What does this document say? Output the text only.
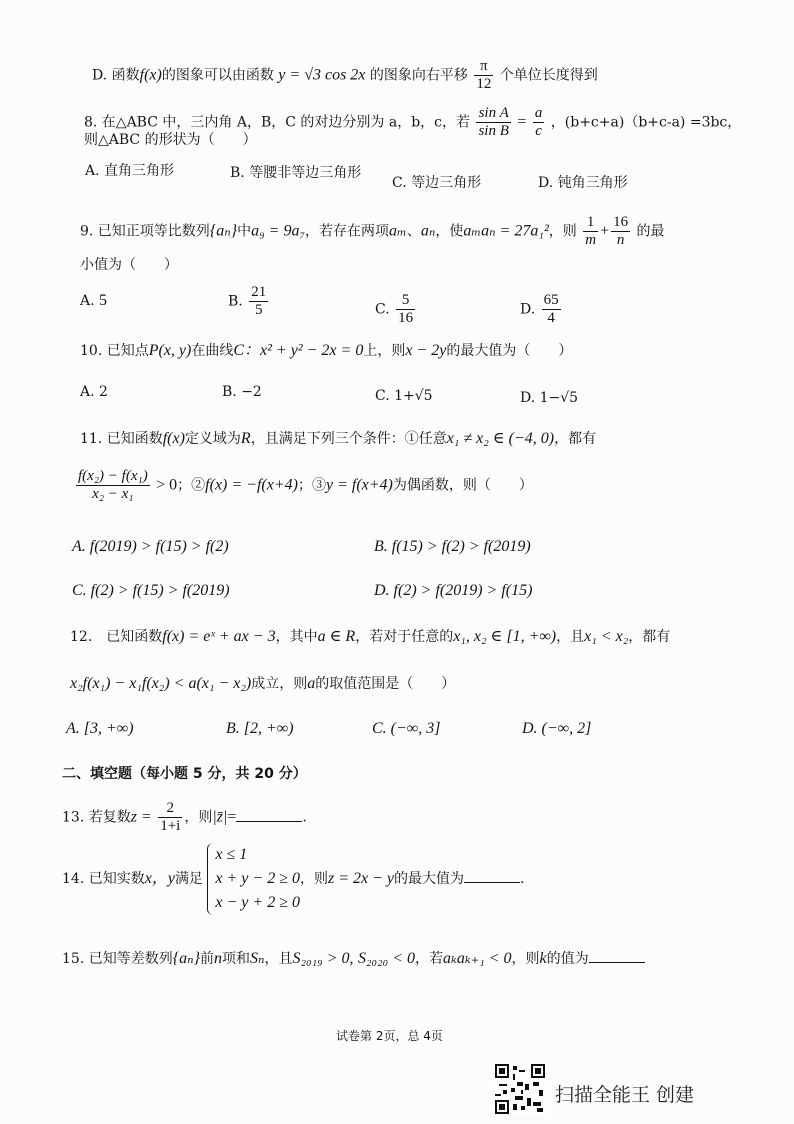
D. 函数f(x)的图象可以由函数 y = √3 cos 2x 的图象向右平移 $\frac{\pi}{12}$ 个单位长度得到
8. 在△ABC 中，三内角 A，B，C 的对边分别为 a，b，c，若 $\frac{\text{sin A}}{\text{sin B}} = \frac{a}{c}$ ，(b+c+a)（b+c-a) =3bc，
则△ABC 的形状为（　　）
A. 直角三角形	B. 等腰非等边三角形
C. 等边三角形	D. 钝角三角形
9. 已知正项等比数列{aₙ}中a₉ = 9a₇，若存在两项aₘ、aₙ，使aₘaₙ = 27a₁²，则 $\frac{1}{m} + \frac{16}{n}$ 的最
小值为（　　）
A. 5	B. $\frac{21}{5}$	C. $\frac{5}{16}$	D. $\frac{65}{4}$
10. 已知点P(x, y)在曲线C：x² + y² − 2x = 0上，则x − 2y的最大值为（　　）
A. 2	B. −2	C. 1+√5	D. 1−√5
11. 已知函数f(x)定义域为R，且满足下列三个条件：①任意x₁ ≠ x₂ ∈ (−4, 0)，都有
$\frac{\text{f(x₂) − f(x₁)}}{\text{x₂ − x₁}} > 0$；②f(x) = −f(x+4)；③y = f(x+4)为偶函数，则（　　）
A. f(2019) > f(15) > f(2)	B. f(15) > f(2) > f(2019)
C. f(2) > f(15) > f(2019)	D. f(2) > f(2019) > f(15)
12.　已知函数f(x) = eˣ + ax − 3，其中a ∈ R，若对于任意的x₁, x₂ ∈ [1, +∞)，且x₁ < x₂，都有
x₂f(x₁) − x₁f(x₂) < a(x₁ − x₂)成立，则a的取值范围是（　　）
A. [3, +∞)	B. [2, +∞)	C. (−∞, 3]	D. (−∞, 2]
二、填空题（每小题 5 分，共 20 分）
13. 若复数$z = \frac{2}{1+i}$ ，则|z̄|=	.
14. 已知实数x，y满足
x ≤ 1
x + y − 2 ≥ 0
x − y + 2 ≥ 0
，则z = 2x − y的最大值为	.
15. 已知等差数列{aₙ}前n项和Sₙ，且S₂₀₁₉ > 0, S₂₀₂₀ < 0，若aₖaₖ₊₁ < 0，则k的值为
试卷第 2页，总 4页
扫描全能王 创建
